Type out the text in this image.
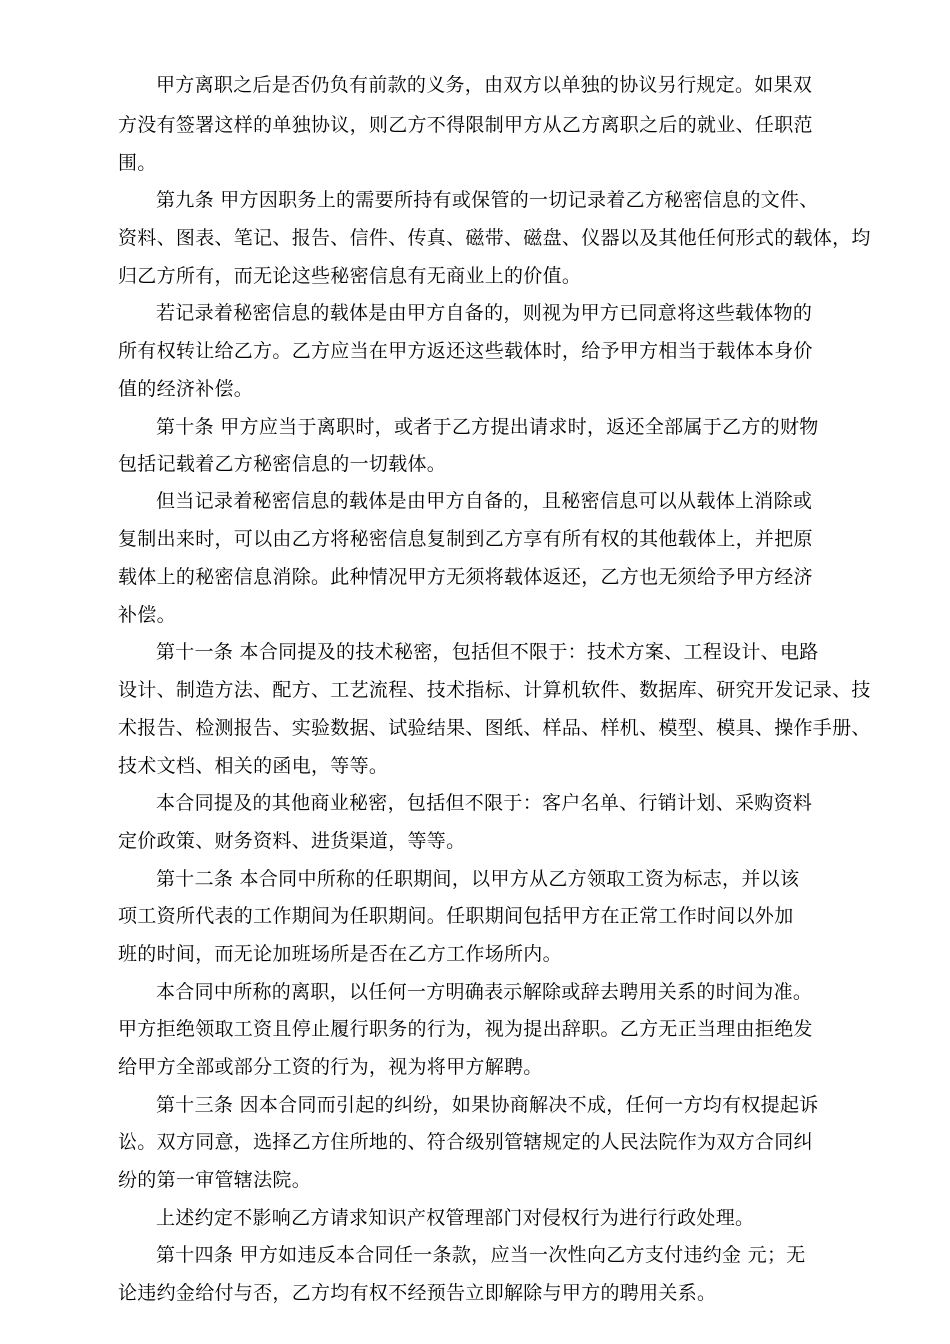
甲方离职之后是否仍负有前款的义务，由双方以单独的协议另行规定。如果双
方没有签署这样的单独协议，则乙方不得限制甲方从乙方离职之后的就业、任职范
围。
第九条 甲方因职务上的需要所持有或保管的一切记录着乙方秘密信息的文件、
资料、图表、笔记、报告、信件、传真、磁带、磁盘、仪器以及其他任何形式的载体，均
归乙方所有，而无论这些秘密信息有无商业上的价值。
若记录着秘密信息的载体是由甲方自备的，则视为甲方已同意将这些载体物的
所有权转让给乙方。乙方应当在甲方返还这些载体时，给予甲方相当于载体本身价
值的经济补偿。
第十条 甲方应当于离职时，或者于乙方提出请求时，返还全部属于乙方的财物
包括记载着乙方秘密信息的一切载体。
但当记录着秘密信息的载体是由甲方自备的，且秘密信息可以从载体上消除或
复制出来时，可以由乙方将秘密信息复制到乙方享有所有权的其他载体上，并把原
载体上的秘密信息消除。此种情况甲方无须将载体返还，乙方也无须给予甲方经济
补偿。
第十一条 本合同提及的技术秘密，包括但不限于：技术方案、工程设计、电路
设计、制造方法、配方、工艺流程、技术指标、计算机软件、数据库、研究开发记录、技
术报告、检测报告、实验数据、试验结果、图纸、样品、样机、模型、模具、操作手册、
技术文档、相关的函电，等等。
本合同提及的其他商业秘密，包括但不限于：客户名单、行销计划、采购资料
定价政策、财务资料、进货渠道，等等。
第十二条 本合同中所称的任职期间，以甲方从乙方领取工资为标志，并以该
项工资所代表的工作期间为任职期间。任职期间包括甲方在正常工作时间以外加
班的时间，而无论加班场所是否在乙方工作场所内。
本合同中所称的离职，以任何一方明确表示解除或辞去聘用关系的时间为准。
甲方拒绝领取工资且停止履行职务的行为，视为提出辞职。乙方无正当理由拒绝发
给甲方全部或部分工资的行为，视为将甲方解聘。
第十三条 因本合同而引起的纠纷，如果协商解决不成，任何一方均有权提起诉
讼。双方同意，选择乙方住所地的、符合级别管辖规定的人民法院作为双方合同纠
纷的第一审管辖法院。
上述约定不影响乙方请求知识产权管理部门对侵权行为进行行政处理。
第十四条 甲方如违反本合同任一条款，应当一次性向乙方支付违约金 元；无
论违约金给付与否，乙方均有权不经预告立即解除与甲方的聘用关系。
